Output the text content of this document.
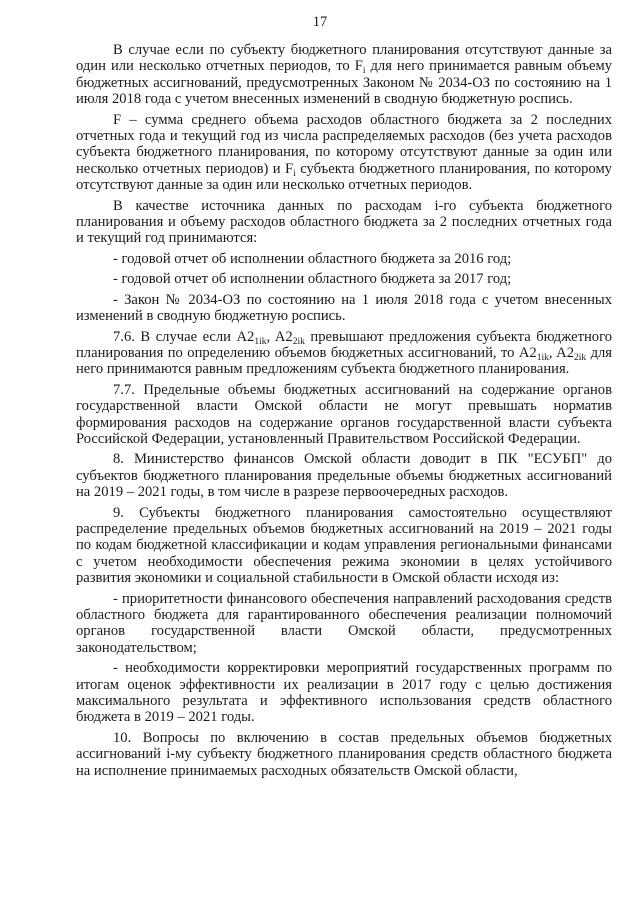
17

В случае если по субъекту бюджетного планирования отсутствуют данные за один или несколько отчетных периодов, то $F_i$ для него принимается равным объему бюджетных ассигнований, предусмотренных Законом № 2034-ОЗ по состоянию на 1 июля 2018 года с учетом внесенных изменений в сводную бюджетную роспись.

F – сумма среднего объема расходов областного бюджета за 2 последних отчетных года и текущий год из числа распределяемых расходов (без учета расходов субъекта бюджетного планирования, по которому отсутствуют данные за один или несколько отчетных периодов) и $F_i$ субъекта бюджетного планирования, по которому отсутствуют данные за один или несколько отчетных периодов.

В качестве источника данных по расходам i-го субъекта бюджетного планирования и объему расходов областного бюджета за 2 последних отчетных года и текущий год принимаются:

- годовой отчет об исполнении областного бюджета за 2016 год;

- годовой отчет об исполнении областного бюджета за 2017 год;

- Закон № 2034-ОЗ по состоянию на 1 июля 2018 года с учетом внесенных изменений в сводную бюджетную роспись.

7.6. В случае если $A2_{1ik}$, $A2_{2ik}$ превышают предложения субъекта бюджетного планирования по определению объемов бюджетных ассигнований, то $A2_{1ik}$, $A2_{2ik}$ для него принимаются равным предложениям субъекта бюджетного планирования.

7.7. Предельные объемы бюджетных ассигнований на содержание органов государственной власти Омской области не могут превышать норматив формирования расходов на содержание органов государственной власти субъекта Российской Федерации, установленный Правительством Российской Федерации.

8. Министерство финансов Омской области доводит в ПК "ЕСУБП" до субъектов бюджетного планирования предельные объемы бюджетных ассигнований на 2019 – 2021 годы, в том числе в разрезе первоочередных расходов.

9. Субъекты бюджетного планирования самостоятельно осуществляют распределение предельных объемов бюджетных ассигнований на 2019 – 2021 годы по кодам бюджетной классификации и кодам управления региональными финансами с учетом необходимости обеспечения режима экономии в целях устойчивого развития экономики и социальной стабильности в Омской области исходя из:

- приоритетности финансового обеспечения направлений расходования средств областного бюджета для гарантированного обеспечения реализации полномочий органов государственной власти Омской области, предусмотренных законодательством;

- необходимости корректировки мероприятий государственных программ по итогам оценок эффективности их реализации в 2017 году с целью достижения максимального результата и эффективного использования средств областного бюджета в 2019 – 2021 годы.

10. Вопросы по включению в состав предельных объемов бюджетных ассигнований i-му субъекту бюджетного планирования средств областного бюджета на исполнение принимаемых расходных обязательств Омской области,
